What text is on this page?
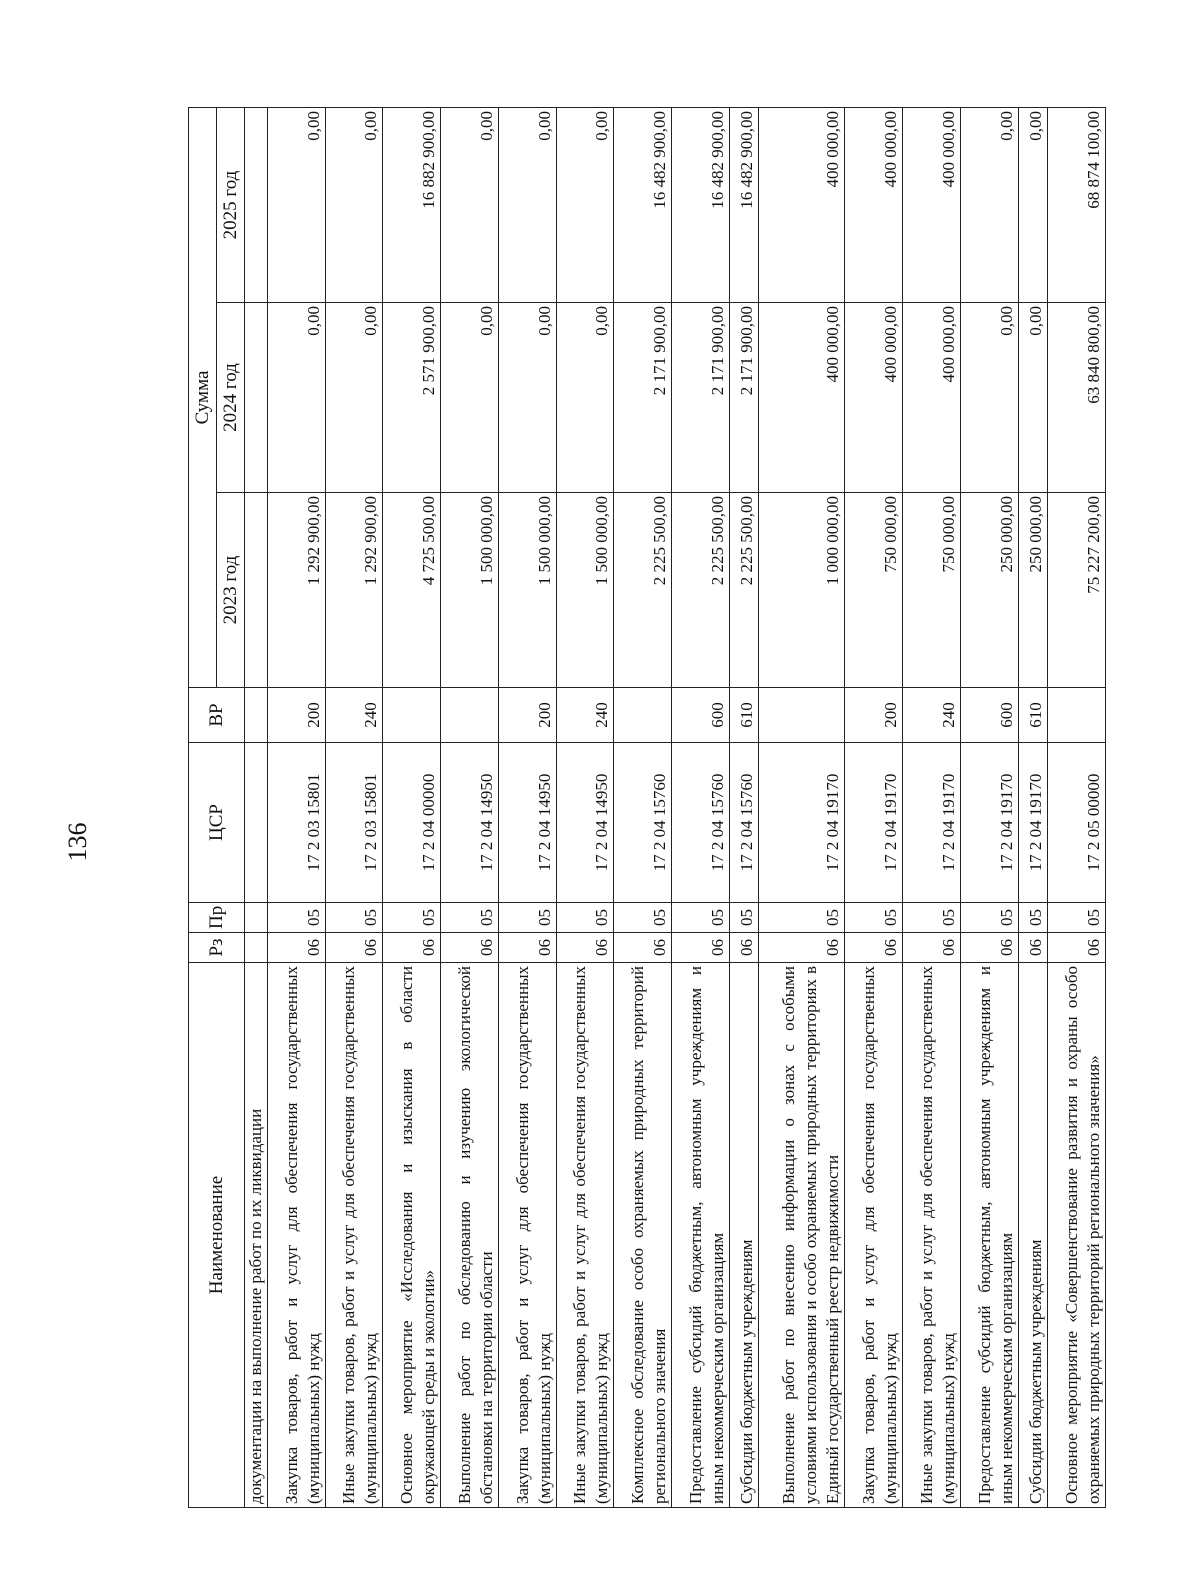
136
Наименование	Рз	Пр	ЦСР	ВР	Сумма		
					2023 год	2024 год	2025 год
документации на выполнение работ по их ликвидации							
Закупка товаров, работ и услуг для обеспечения государственных (муниципальных) нужд	06	05	17 2 03 15801	200	1 292 900,00	0,00	0,00
Иные закупки товаров, работ и услуг для обеспечения государственных (муниципальных) нужд	06	05	17 2 03 15801	240	1 292 900,00	0,00	0,00
Основное мероприятие «Исследования и изыскания в области окружающей среды и экологии»	06	05	17 2 04 00000		4 725 500,00	2 571 900,00	16 882 900,00
Выполнение работ по обследованию и изучению экологической обстановки на территории области	06	05	17 2 04 14950		1 500 000,00	0,00	0,00
Закупка товаров, работ и услуг для обеспечения государственных (муниципальных) нужд	06	05	17 2 04 14950	200	1 500 000,00	0,00	0,00
Иные закупки товаров, работ и услуг для обеспечения государственных (муниципальных) нужд	06	05	17 2 04 14950	240	1 500 000,00	0,00	0,00
Комплексное обследование особо охраняемых природных территорий регионального значения	06	05	17 2 04 15760		2 225 500,00	2 171 900,00	16 482 900,00
Предоставление субсидий бюджетным, автономным учреждениям и иным некоммерческим организациям	06	05	17 2 04 15760	600	2 225 500,00	2 171 900,00	16 482 900,00
Субсидии бюджетным учреждениям	06	05	17 2 04 15760	610	2 225 500,00	2 171 900,00	16 482 900,00
Выполнение работ по внесению информации о зонах с особыми условиями использования и особо охраняемых природных территориях в Единый государственный реестр недвижимости	06	05	17 2 04 19170		1 000 000,00	400 000,00	400 000,00
Закупка товаров, работ и услуг для обеспечения государственных (муниципальных) нужд	06	05	17 2 04 19170	200	750 000,00	400 000,00	400 000,00
Иные закупки товаров, работ и услуг для обеспечения государственных (муниципальных) нужд	06	05	17 2 04 19170	240	750 000,00	400 000,00	400 000,00
Предоставление субсидий бюджетным, автономным учреждениям и иным некоммерческим организациям	06	05	17 2 04 19170	600	250 000,00	0,00	0,00
Субсидии бюджетным учреждениям	06	05	17 2 04 19170	610	250 000,00	0,00	0,00
Основное мероприятие «Совершенствование развития и охраны особо охраняемых природных территорий регионального значения»	06	05	17 2 05 00000		75 227 200,00	63 840 800,00	68 874 100,00
